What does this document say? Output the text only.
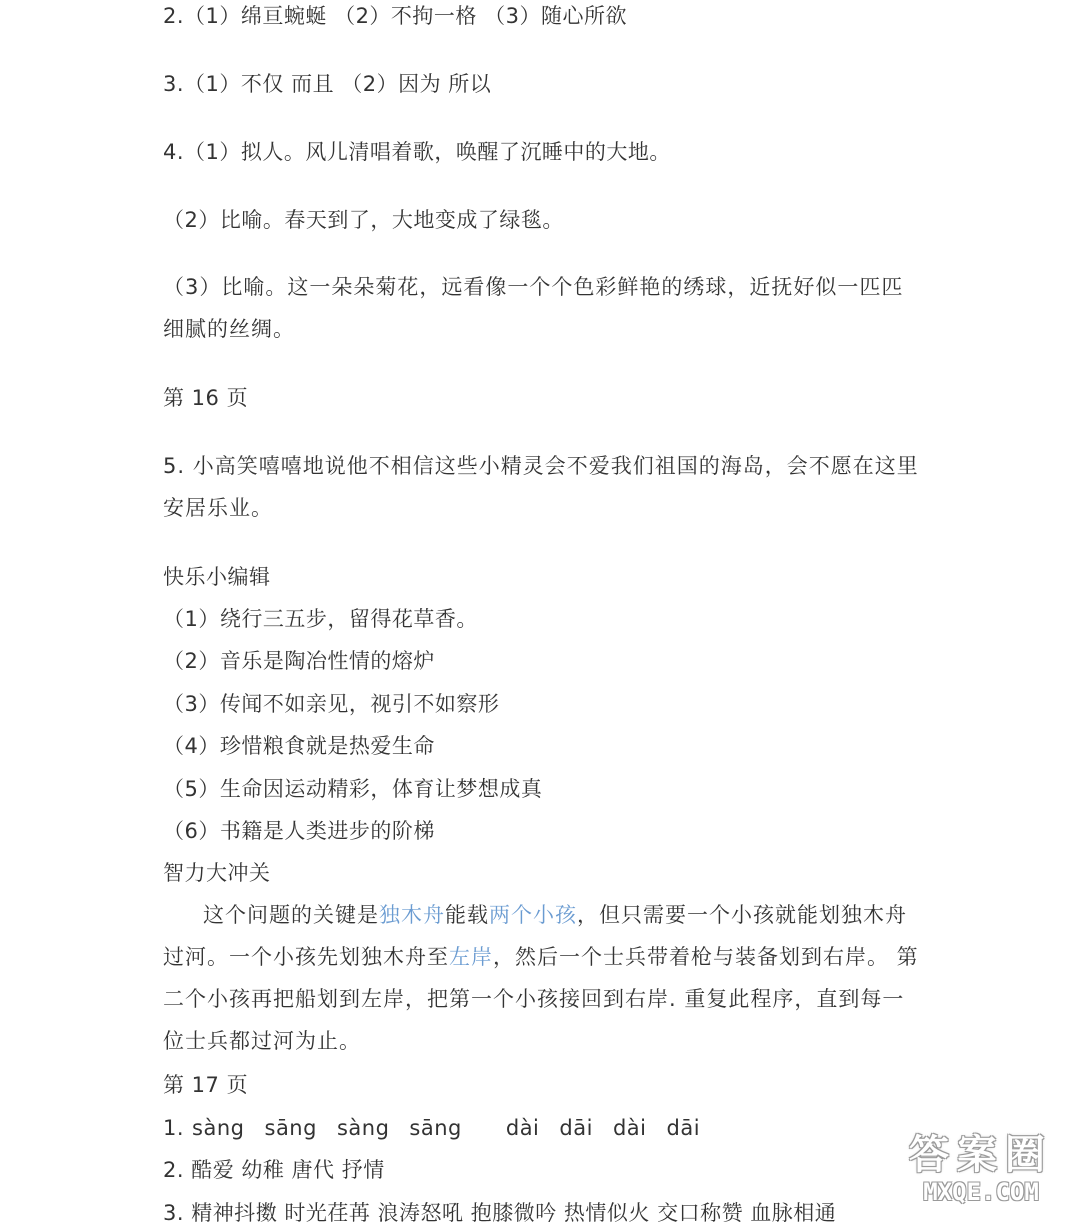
2.（1）绵亘蜿蜒 （2）不拘一格 （3）随心所欲
3.（1）不仅 而且 （2）因为 所以
4.（1）拟人。风儿清唱着歌，唤醒了沉睡中的大地。
（2）比喻。春天到了，大地变成了绿毯。
（3）比喻。这一朵朵菊花，远看像一个个色彩鲜艳的绣球，近抚好似一匹匹细腻的丝绸。
第 16 页
5. 小高笑嘻嘻地说他不相信这些小精灵会不爱我们祖国的海岛，会不愿在这里安居乐业。
快乐小编辑
（1）绕行三五步，留得花草香。
（2）音乐是陶冶性情的熔炉
（3）传闻不如亲见，视引不如察形
（4）珍惜粮食就是热爱生命
（5）生命因运动精彩，体育让梦想成真
（6）书籍是人类进步的阶梯
智力大冲关
这个问题的关键是独木舟能载两个小孩，但只需要一个小孩就能划独木舟过河。一个小孩先划独木舟至左岸，然后一个士兵带着枪与装备划到右岸。 第二个小孩再把船划到左岸，把第一个小孩接回到右岸. 重复此程序，直到每一位士兵都过河为止。
第 17 页
1. sàng sāng sàng sāng dài dāi dài dāi
2. 酷爱 幼稚 唐代 抒情
3. 精神抖擞 时光荏苒 浪涛怒吼 抱膝微吟 热情似火 交口称赞 血脉相通
答案圈
MXQE.COM
